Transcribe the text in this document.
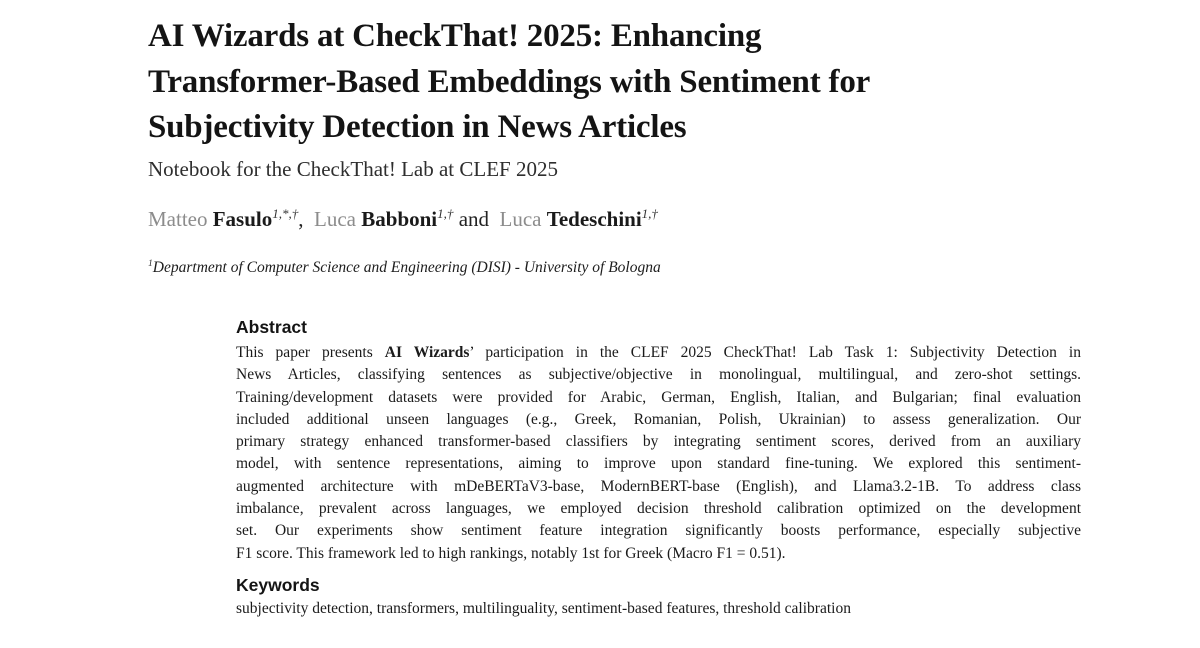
AI Wizards at CheckThat! 2025: Enhancing
Transformer-Based Embeddings with Sentiment for
Subjectivity Detection in News Articles
Notebook for the CheckThat! Lab at CLEF 2025
Matteo Fasulo$^{1,*,\dagger}$, Luca Babboni$^{1,\dagger}$ and Luca Tedeschini$^{1,\dagger}$
$^1$Department of Computer Science and Engineering (DISI) - University of Bologna
Abstract
This paper presents AI Wizards’ participation in the CLEF 2025 CheckThat! Lab Task 1: Subjectivity Detection in
News Articles, classifying sentences as subjective/objective in monolingual, multilingual, and zero-shot settings.
Training/development datasets were provided for Arabic, German, English, Italian, and Bulgarian; final evaluation
included additional unseen languages (e.g., Greek, Romanian, Polish, Ukrainian) to assess generalization. Our
primary strategy enhanced transformer-based classifiers by integrating sentiment scores, derived from an auxiliary
model, with sentence representations, aiming to improve upon standard fine-tuning. We explored this sentiment-
augmented architecture with mDeBERTaV3-base, ModernBERT-base (English), and Llama3.2-1B. To address class
imbalance, prevalent across languages, we employed decision threshold calibration optimized on the development
set. Our experiments show sentiment feature integration significantly boosts performance, especially subjective
F1 score. This framework led to high rankings, notably 1st for Greek (Macro F1 = 0.51).
Keywords
subjectivity detection, transformers, multilinguality, sentiment-based features, threshold calibration
